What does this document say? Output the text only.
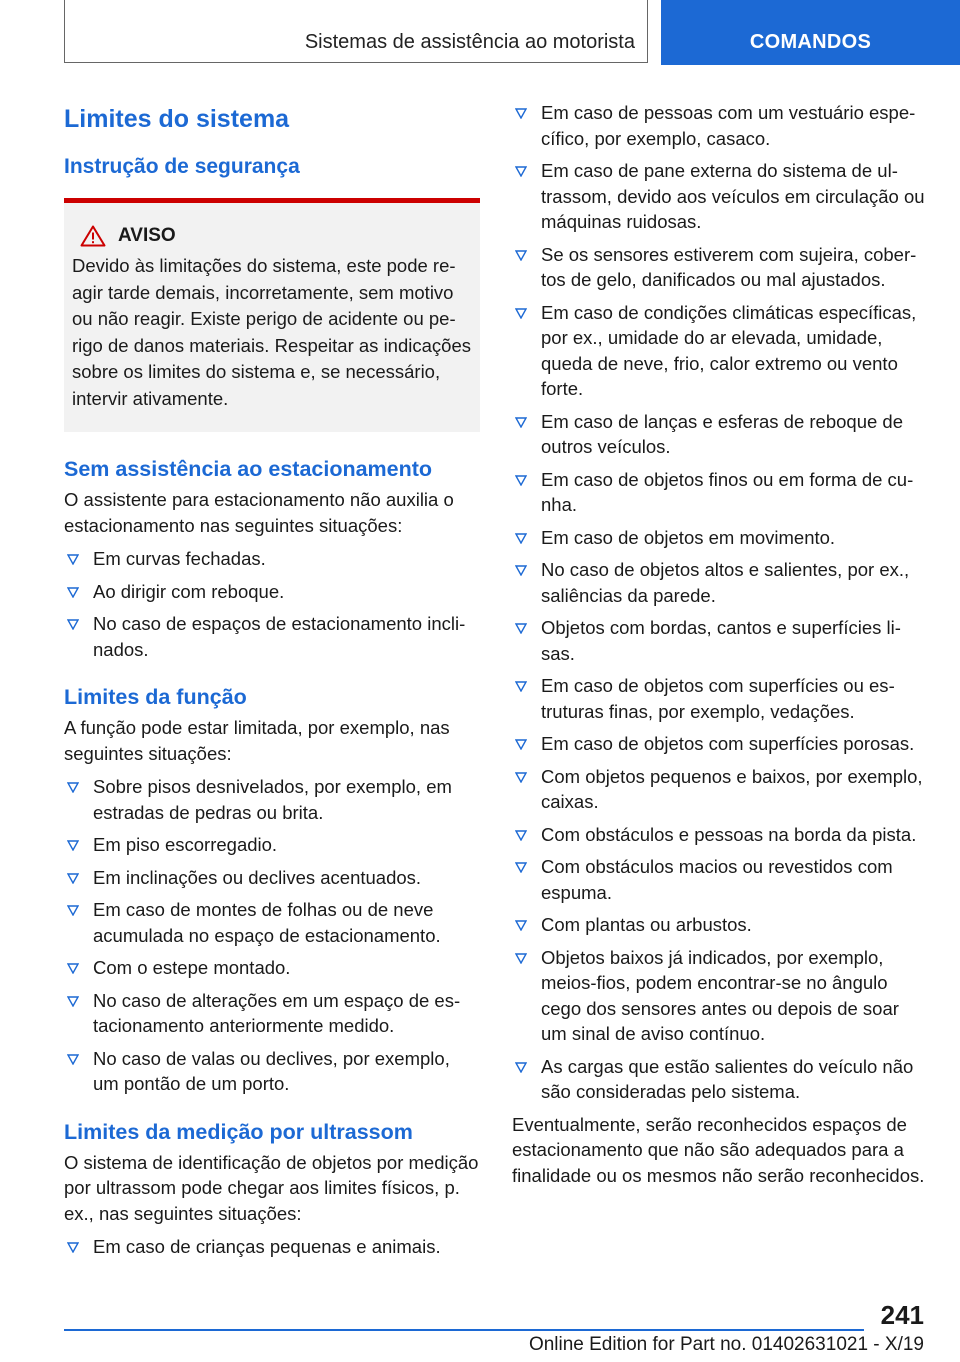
Sistemas de assistência ao motorista	COMANDOS
Limites do sistema
Instrução de segurança
AVISO

Devido às limitações do sistema, este pode reagir tarde demais, incorretamente, sem motivo ou não reagir. Existe perigo de acidente ou perigo de danos materiais. Respeitar as indicações sobre os limites do sistema e, se necessário, intervir ativamente.

Sem assistência ao estacionamento

O assistente para estacionamento não auxilia o estacionamento nas seguintes situações:

Em curvas fechadas.
Ao dirigir com reboque.
No caso de espaços de estacionamento inclinados.
Limites da função

A função pode estar limitada, por exemplo, nas seguintes situações:

Sobre pisos desnivelados, por exemplo, em estradas de pedras ou brita.
Em piso escorregadio.
Em inclinações ou declives acentuados.
Em caso de montes de folhas ou de neve acumulada no espaço de estacionamento.
Com o estepe montado.
No caso de alterações em um espaço de estacionamento anteriormente medido.
No caso de valas ou declives, por exemplo, um pontão de um porto.
Limites da medição por ultrassom

O sistema de identificação de objetos por medição por ultrassom pode chegar aos limites físicos, p. ex., nas seguintes situações:

Em caso de crianças pequenas e animais.
Em caso de pessoas com um vestuário específico, por exemplo, casaco.
Em caso de pane externa do sistema de ultrassom, devido aos veículos em circulação ou máquinas ruidosas.
Se os sensores estiverem com sujeira, cobertos de gelo, danificados ou mal ajustados.
Em caso de condições climáticas específicas, por ex., umidade do ar elevada, umidade, queda de neve, frio, calor extremo ou vento forte.
Em caso de lanças e esferas de reboque de outros veículos.
Em caso de objetos finos ou em forma de cunha.
Em caso de objetos em movimento.
No caso de objetos altos e salientes, por ex., saliências da parede.
Objetos com bordas, cantos e superfícies lisas.
Em caso de objetos com superfícies ou estruturas finas, por exemplo, vedações.
Em caso de objetos com superfícies porosas.
Com objetos pequenos e baixos, por exemplo, caixas.
Com obstáculos e pessoas na borda da pista.
Com obstáculos macios ou revestidos com espuma.
Com plantas ou arbustos.
Objetos baixos já indicados, por exemplo, meios-fios, podem encontrar-se no ângulo cego dos sensores antes ou depois de soar um sinal de aviso contínuo.
As cargas que estão salientes do veículo não são consideradas pelo sistema.

Eventualmente, serão reconhecidos espaços de estacionamento que não são adequados para a finalidade ou os mesmos não serão reconhecidos.

241
Online Edition for Part no. 01402631021 - X/19
